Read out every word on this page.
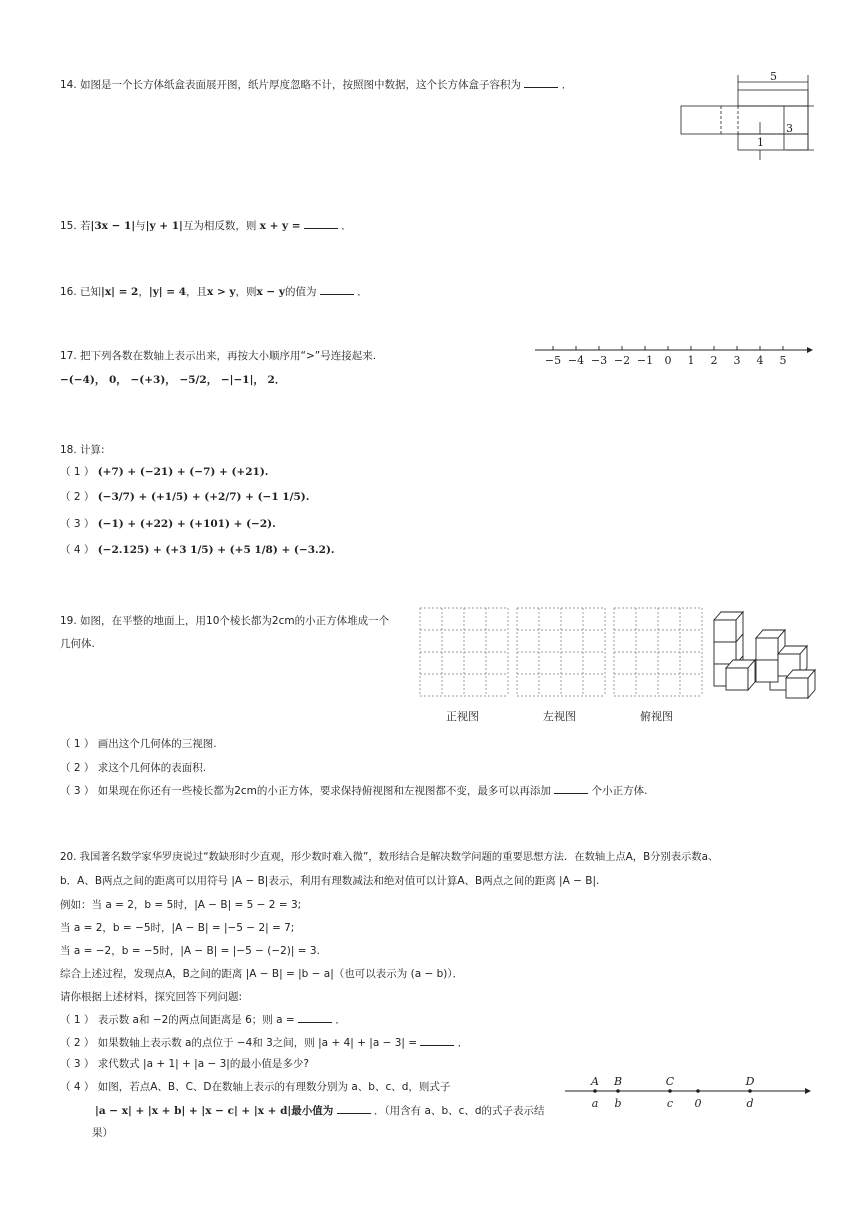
14. 如图是一个长方体纸盒表面展开图，纸片厚度忽略不计，按照图中数据，这个长方体盒子容积为	．
5
3
1
15. 若|3x − 1|与|y + 1|互为相反数，则 x + y =	．
16. 已知|x| = 2，|y| = 4，且x > y，则x − y的值为	．
17. 把下列各数在数轴上表示出来，再按大小顺序用“>”号连接起来.
−(−4)， 0， −(+3)， −5/2， −|−1|， 2．
−5 −4 −3 −2 −1 0 1 2 3 4 5
18. 计算:
（ 1 ） (+7) + (−21) + (−7) + (+21).
（ 2 ） (−3/7) + (+1/5) + (+2/7) + (−1 1/5).
（ 3 ） (−1) + (+22) + (+101) + (−2).
（ 4 ） (−2.125) + (+3 1/5) + (+5 1/8) + (−3.2).
19. 如图，在平整的地面上，用10个棱长都为2cm的小正方体堆成一个
几何体.
正视图	左视图	俯视图
（ 1 ） 画出这个几何体的三视图.
（ 2 ） 求这个几何体的表面积.
（ 3 ） 如果现在你还有一些棱长都为2cm的小正方体，要求保持俯视图和左视图都不变，最多可以再添加	个小正方体.
20. 我国著名数学家华罗庚说过“数缺形时少直观，形少数时难入微”，数形结合是解决数学问题的重要思想方法．在数轴上点A，B分别表示数a、
b．A、B两点之间的距离可以用符号 |A − B|表示，利用有理数减法和绝对值可以计算A、B两点之间的距离 |A − B|.
例如：当 a = 2，b = 5时，|A − B| = 5 − 2 = 3;
当 a = 2，b = −5时，|A − B| = |−5 − 2| = 7;
当 a = −2，b = −5时，|A − B| = |−5 − (−2)| = 3.
综合上述过程，发现点A，B之间的距离 |A − B| = |b − a|（也可以表示为 (a − b)）．
请你根据上述材料，探究回答下列问题:
（ 1 ） 表示数 a和 −2的两点间距离是 6；则 a =	．
（ 2 ） 如果数轴上表示数 a的点位于 −4和 3之间，则 |a + 4| + |a − 3| =	．
（ 3 ） 求代数式 |a + 1| + |a − 3|的最小值是多少?
（ 4 ） 如图，若点A、B、C、D在数轴上表示的有理数分别为 a、b、c、d，则式子
|a − x| + |x + b| + |x − c| + |x + d|最小值为	．（用含有 a、b、c、d的式子表示结
果）
a b	c 0	d
A B	C	D
